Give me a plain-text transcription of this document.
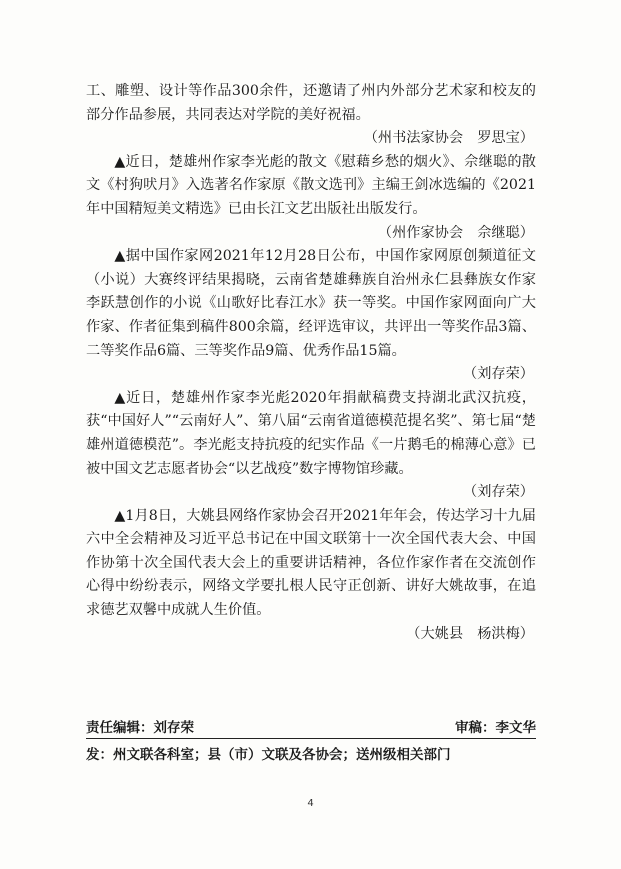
工、雕塑、设计等作品300余件，还邀请了州内外部分艺术家和校友的部分作品参展，共同表达对学院的美好祝福。

（州书法家协会　罗思宝）

▲近日，楚雄州作家李光彪的散文《慰藉乡愁的烟火》、佘继聪的散文《村狗吠月》入选著名作家原《散文选刊》主编王剑冰选编的《2021年中国精短美文精选》已由长江文艺出版社出版发行。

（州作家协会　佘继聪）

▲据中国作家网2021年12月28日公布，中国作家网原创频道征文（小说）大赛终评结果揭晓，云南省楚雄彝族自治州永仁县彝族女作家李跃慧创作的小说《山歌好比春江水》获一等奖。中国作家网面向广大作家、作者征集到稿件800余篇，经评选审议，共评出一等奖作品3篇、二等奖作品6篇、三等奖作品9篇、优秀作品15篇。

（刘存荣）

▲近日，楚雄州作家李光彪2020年捐献稿费支持湖北武汉抗疫，获“中国好人”“云南好人”、第八届“云南省道德模范提名奖”、第七届“楚雄州道德模范”。李光彪支持抗疫的纪实作品《一片鹅毛的棉薄心意》已被中国文艺志愿者协会“以艺战疫”数字博物馆珍藏。

（刘存荣）

▲1月8日，大姚县网络作家协会召开2021年年会，传达学习十九届六中全会精神及习近平总书记在中国文联第十一次全国代表大会、中国作协第十次全国代表大会上的重要讲话精神，各位作家作者在交流创作心得中纷纷表示，网络文学要扎根人民守正创新、讲好大姚故事，在追求德艺双馨中成就人生价值。

（大姚县　杨洪梅）

责任编辑：刘存荣	审稿：李文华
发：州文联各科室；县（市）文联及各协会；送州级相关部门
4
